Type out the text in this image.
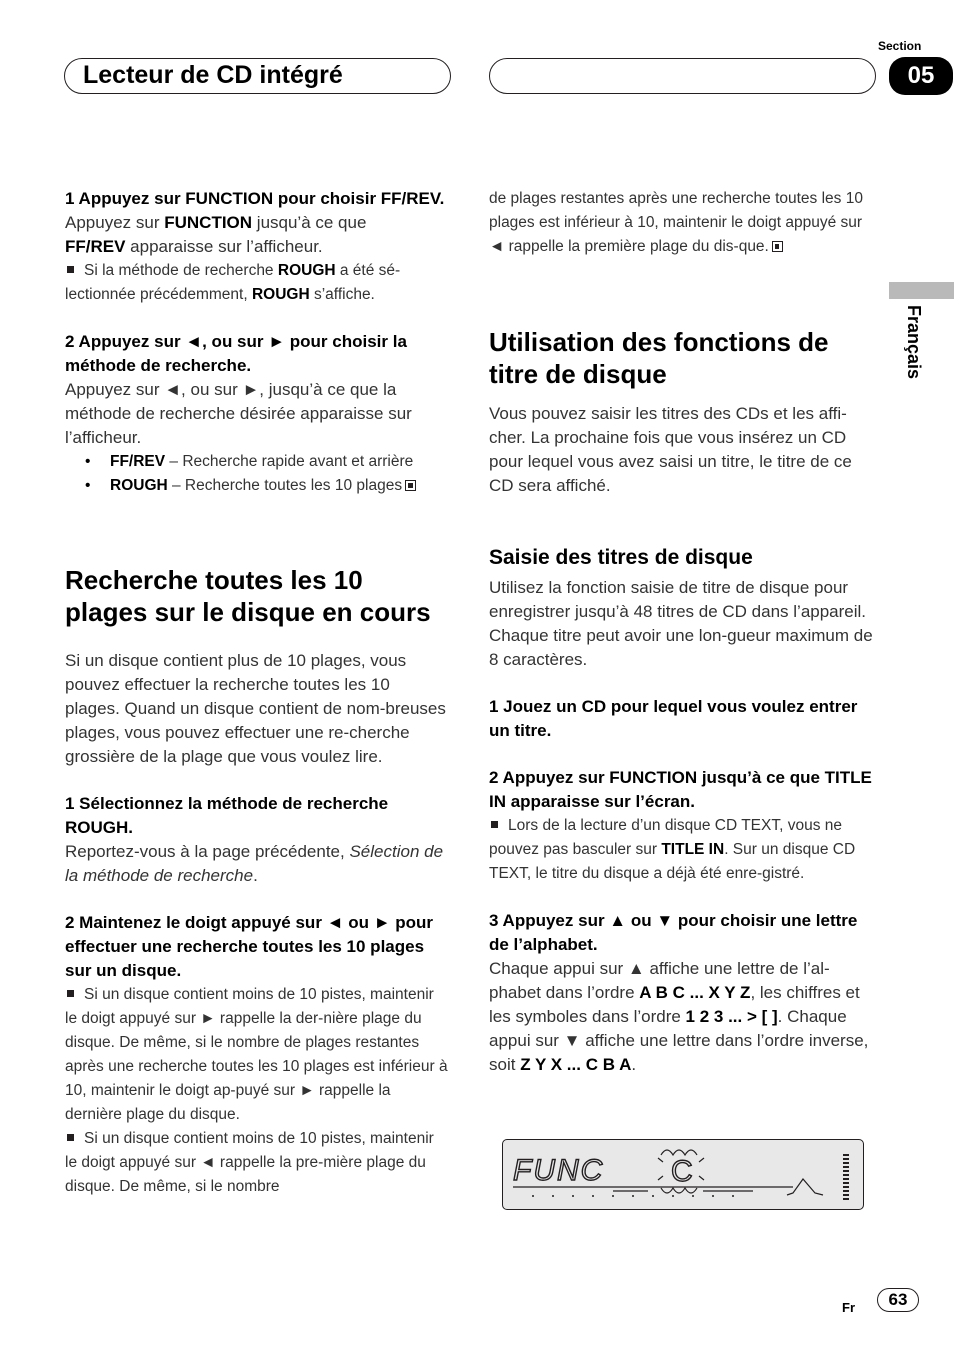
Lecteur de CD intégré
Section
05
Français

1 Appuyez sur FUNCTION pour choisir FF/REV.

Appuyez sur FUNCTION jusqu’à ce que
FF/REV apparaisse sur l’afficheur.

Si la méthode de recherche ROUGH a été sé-
lectionnée précédemment, ROUGH s’affiche.

2 Appuyez sur ◄, ou sur ► pour choisir la méthode de recherche.

Appuyez sur ◄, ou sur ►, jusqu’à ce que la méthode de recherche désirée apparaisse sur l’afficheur.

• FF/REV – Recherche rapide avant et arrière

• ROUGH – Recherche toutes les 10 plages

Recherche toutes les 10 plages sur le disque en cours

Si un disque contient plus de 10 plages, vous pouvez effectuer la recherche toutes les 10 plages. Quand un disque contient de nom-breuses plages, vous pouvez effectuer une re-cherche grossière de la plage que vous voulez lire.

1 Sélectionnez la méthode de recherche ROUGH.

Reportez-vous à la page précédente, Sélection de la méthode de recherche.

2 Maintenez le doigt appuyé sur ◄ ou ► pour effectuer une recherche toutes les 10 plages sur un disque.

Si un disque contient moins de 10 pistes, maintenir le doigt appuyé sur ► rappelle la der-nière plage du disque. De même, si le nombre de plages restantes après une recherche toutes les 10 plages est inférieur à 10, maintenir le doigt ap-puyé sur ► rappelle la dernière plage du disque.

Si un disque contient moins de 10 pistes, maintenir le doigt appuyé sur ◄ rappelle la pre-mière plage du disque. De même, si le nombre

de plages restantes après une recherche toutes les 10 plages est inférieur à 10, maintenir le doigt appuyé sur ◄ rappelle la première plage du dis-que.

Utilisation des fonctions de titre de disque

Vous pouvez saisir les titres des CDs et les affi-cher. La prochaine fois que vous insérez un CD pour lequel vous avez saisi un titre, le titre de ce CD sera affiché.

Saisie des titres de disque

Utilisez la fonction saisie de titre de disque pour enregistrer jusqu’à 48 titres de CD dans l’appareil. Chaque titre peut avoir une lon-gueur maximum de 8 caractères.

1 Jouez un CD pour lequel vous voulez entrer un titre.

2 Appuyez sur FUNCTION jusqu’à ce que TITLE IN apparaisse sur l’écran.

Lors de la lecture d’un disque CD TEXT, vous ne pouvez pas basculer sur TITLE IN. Sur un disque CD TEXT, le titre du disque a déjà été enre-gistré.

3 Appuyez sur ▲ ou ▼ pour choisir une lettre de l’alphabet.

Chaque appui sur ▲ affiche une lettre de l’al-phabet dans l’ordre A B C ... X Y Z, les chiffres et les symboles dans l’ordre 1 2 3 ... > [ ]. Chaque appui sur ▼ affiche une lettre dans l’ordre inverse, soit Z Y X ... C B A.

FUNC C
Fr	63
